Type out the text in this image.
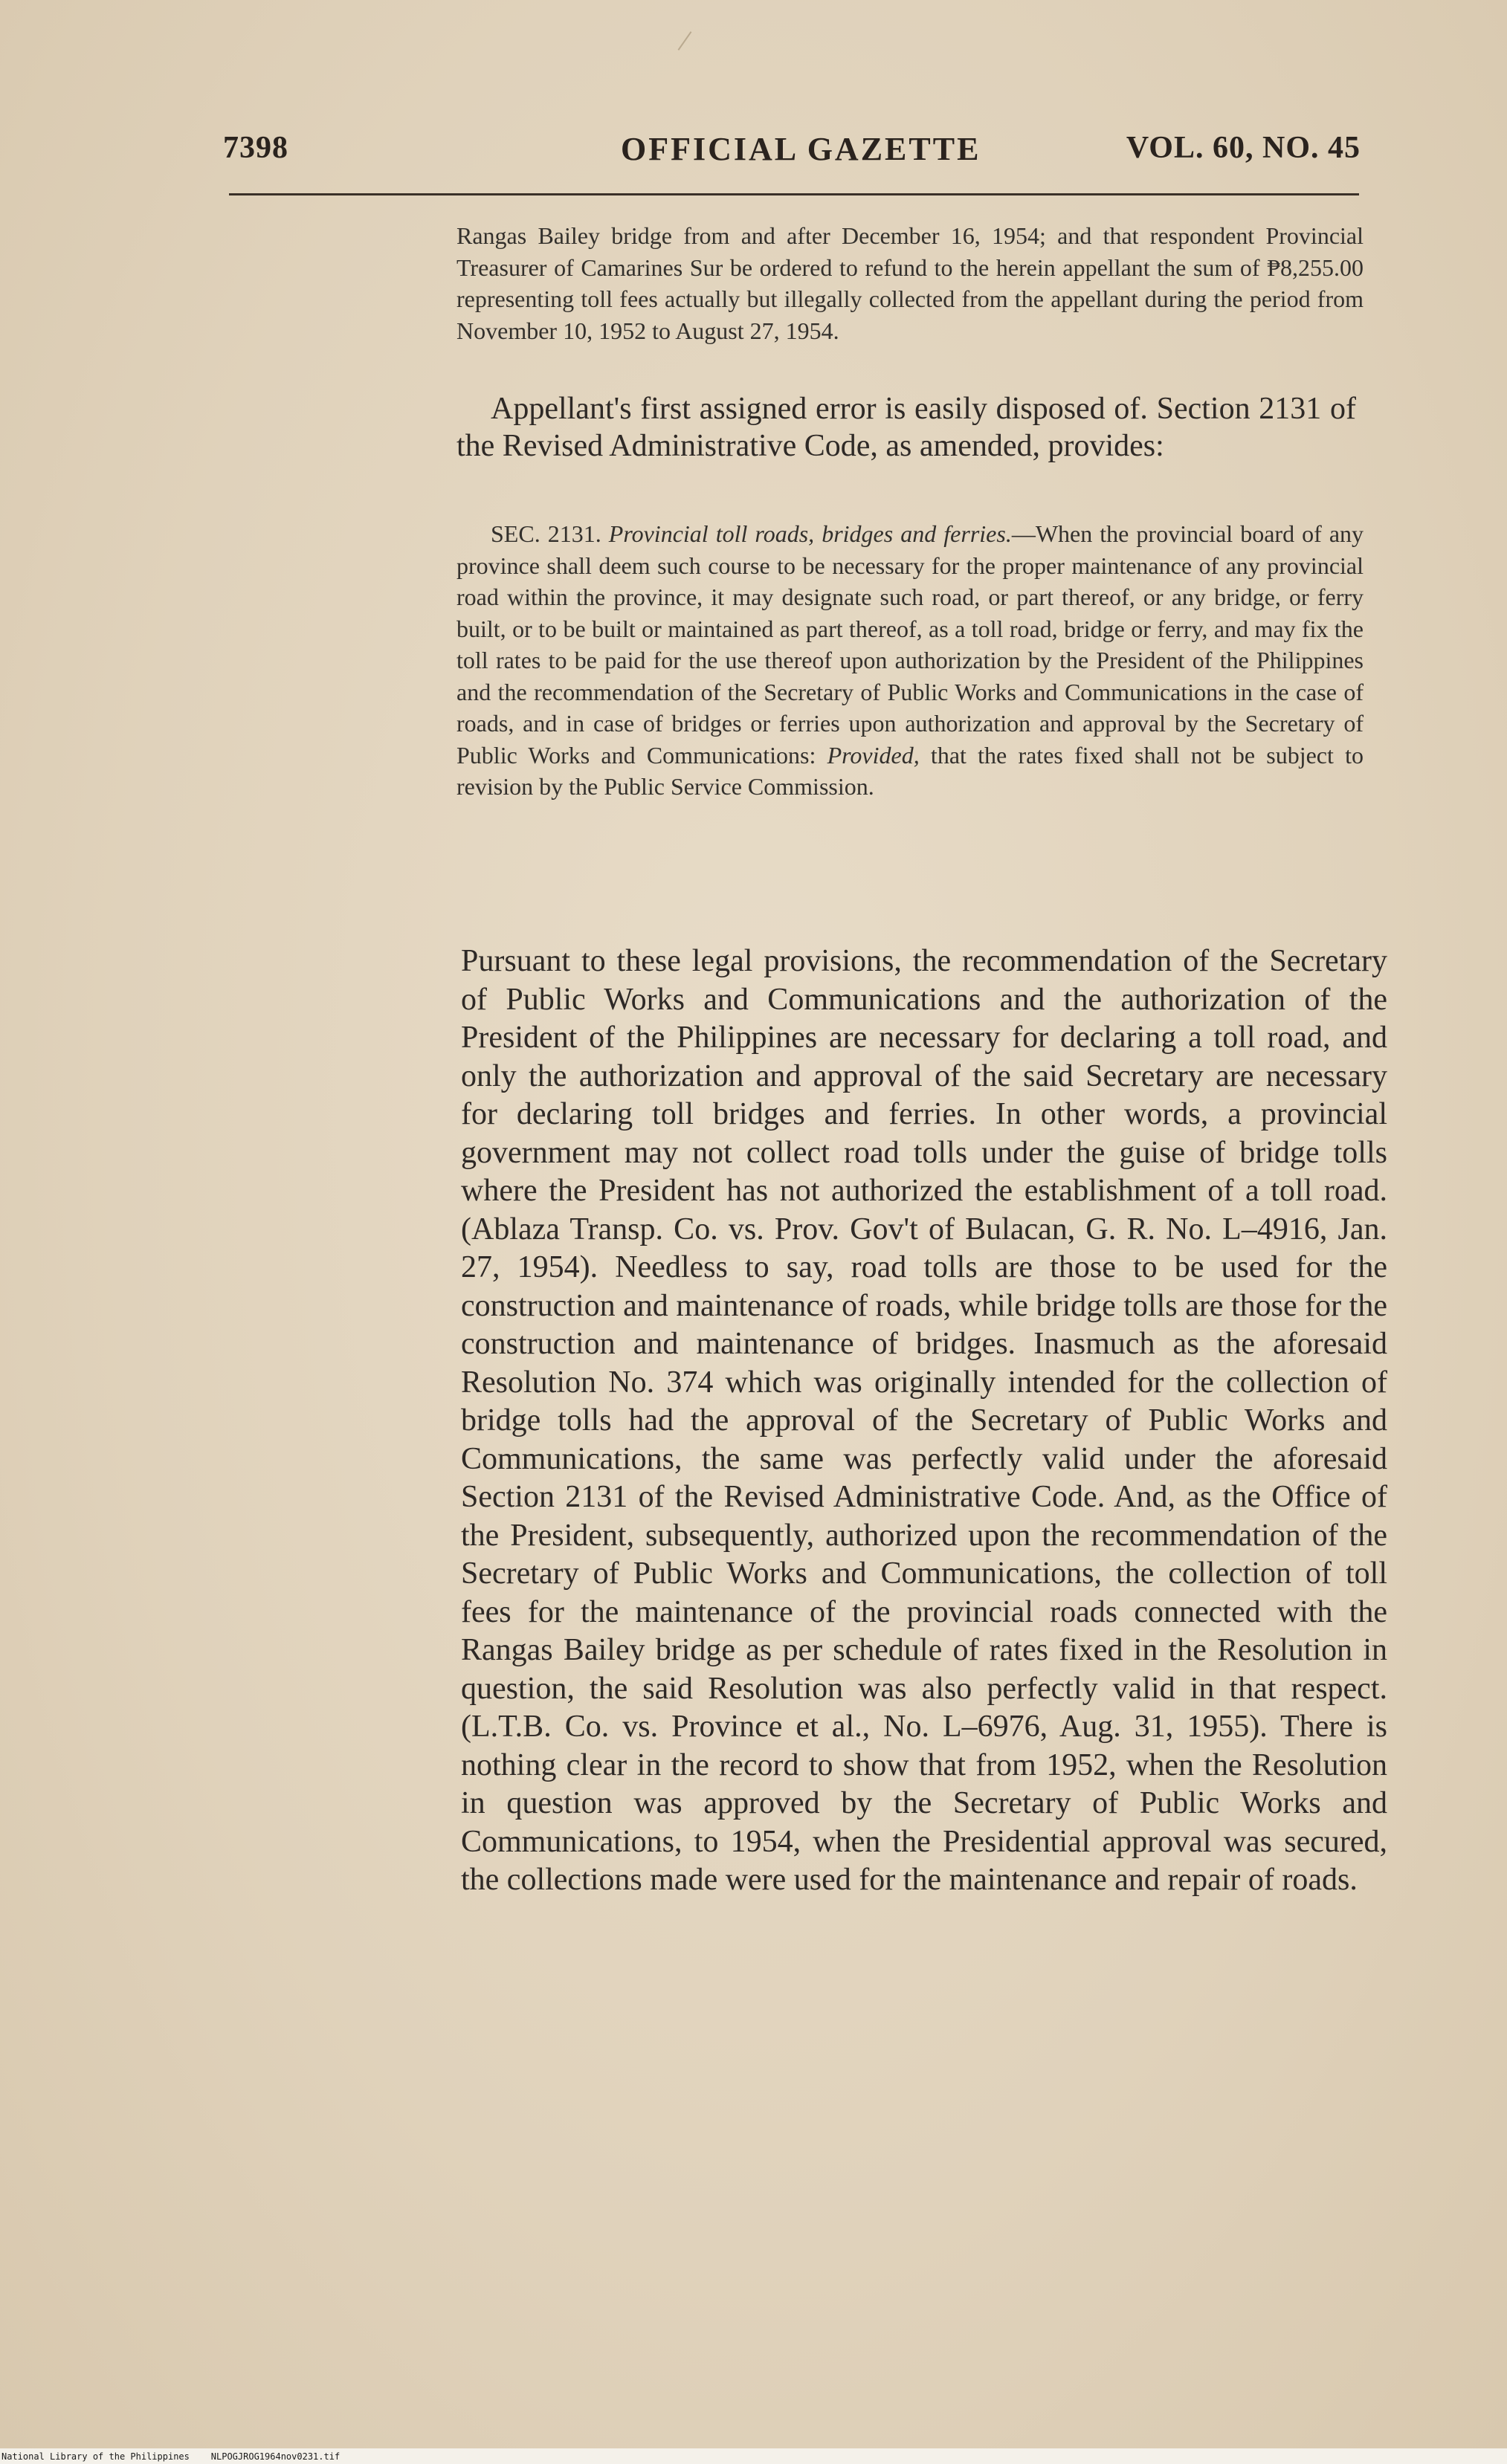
7398	OFFICIAL GAZETTE	VOL. 60, NO. 45

Rangas Bailey bridge from and after December 16, 1954; and that respondent Provincial Treasurer of Camarines Sur be ordered to refund to the herein appellant the sum of ₱8,255.00 representing toll fees actually but illegally collected from the appellant during the period from November 10, 1952 to August 27, 1954.

Appellant's first assigned error is easily disposed of. Section 2131 of the Revised Administrative Code, as amended, provides:

SEC. 2131. Provincial toll roads, bridges and ferries.—When the provincial board of any province shall deem such course to be necessary for the proper maintenance of any provincial road within the province, it may designate such road, or part thereof, or any bridge, or ferry built, or to be built or maintained as part thereof, as a toll road, bridge or ferry, and may fix the toll rates to be paid for the use thereof upon authorization by the President of the Philippines and the recommendation of the Secretary of Public Works and Communications in the case of roads, and in case of bridges or ferries upon authorization and approval by the Secretary of Public Works and Communications: Provided, that the rates fixed shall not be subject to revision by the Public Service Commission.

Pursuant to these legal provisions, the recommendation of the Secretary of Public Works and Communications and the authorization of the President of the Philippines are necessary for declaring a toll road, and only the authorization and approval of the said Secretary are necessary for declaring toll bridges and ferries. In other words, a provincial government may not collect road tolls under the guise of bridge tolls where the President has not authorized the establishment of a toll road. (Ablaza Transp. Co. vs. Prov. Gov't of Bulacan, G. R. No. L–4916, Jan. 27, 1954). Needless to say, road tolls are those to be used for the construction and maintenance of roads, while bridge tolls are those for the construction and maintenance of bridges. Inasmuch as the aforesaid Resolution No. 374 which was originally intended for the collection of bridge tolls had the approval of the Secretary of Public Works and Communications, the same was perfectly valid under the aforesaid Section 2131 of the Revised Administrative Code. And, as the Office of the President, subsequently, authorized upon the recommendation of the Secretary of Public Works and Communications, the collection of toll fees for the maintenance of the provincial roads connected with the Rangas Bailey bridge as per schedule of rates fixed in the Resolution in question, the said Resolution was also perfectly valid in that respect. (L.T.B. Co. vs. Province et al., No. L–6976, Aug. 31, 1955). There is nothing clear in the record to show that from 1952, when the Resolution in question was approved by the Secretary of Public Works and Communications, to 1954, when the Presidential approval was secured, the collections made were used for the maintenance and repair of roads.

National Library of the Philippines NLPOGJROG1964nov0231.tif
